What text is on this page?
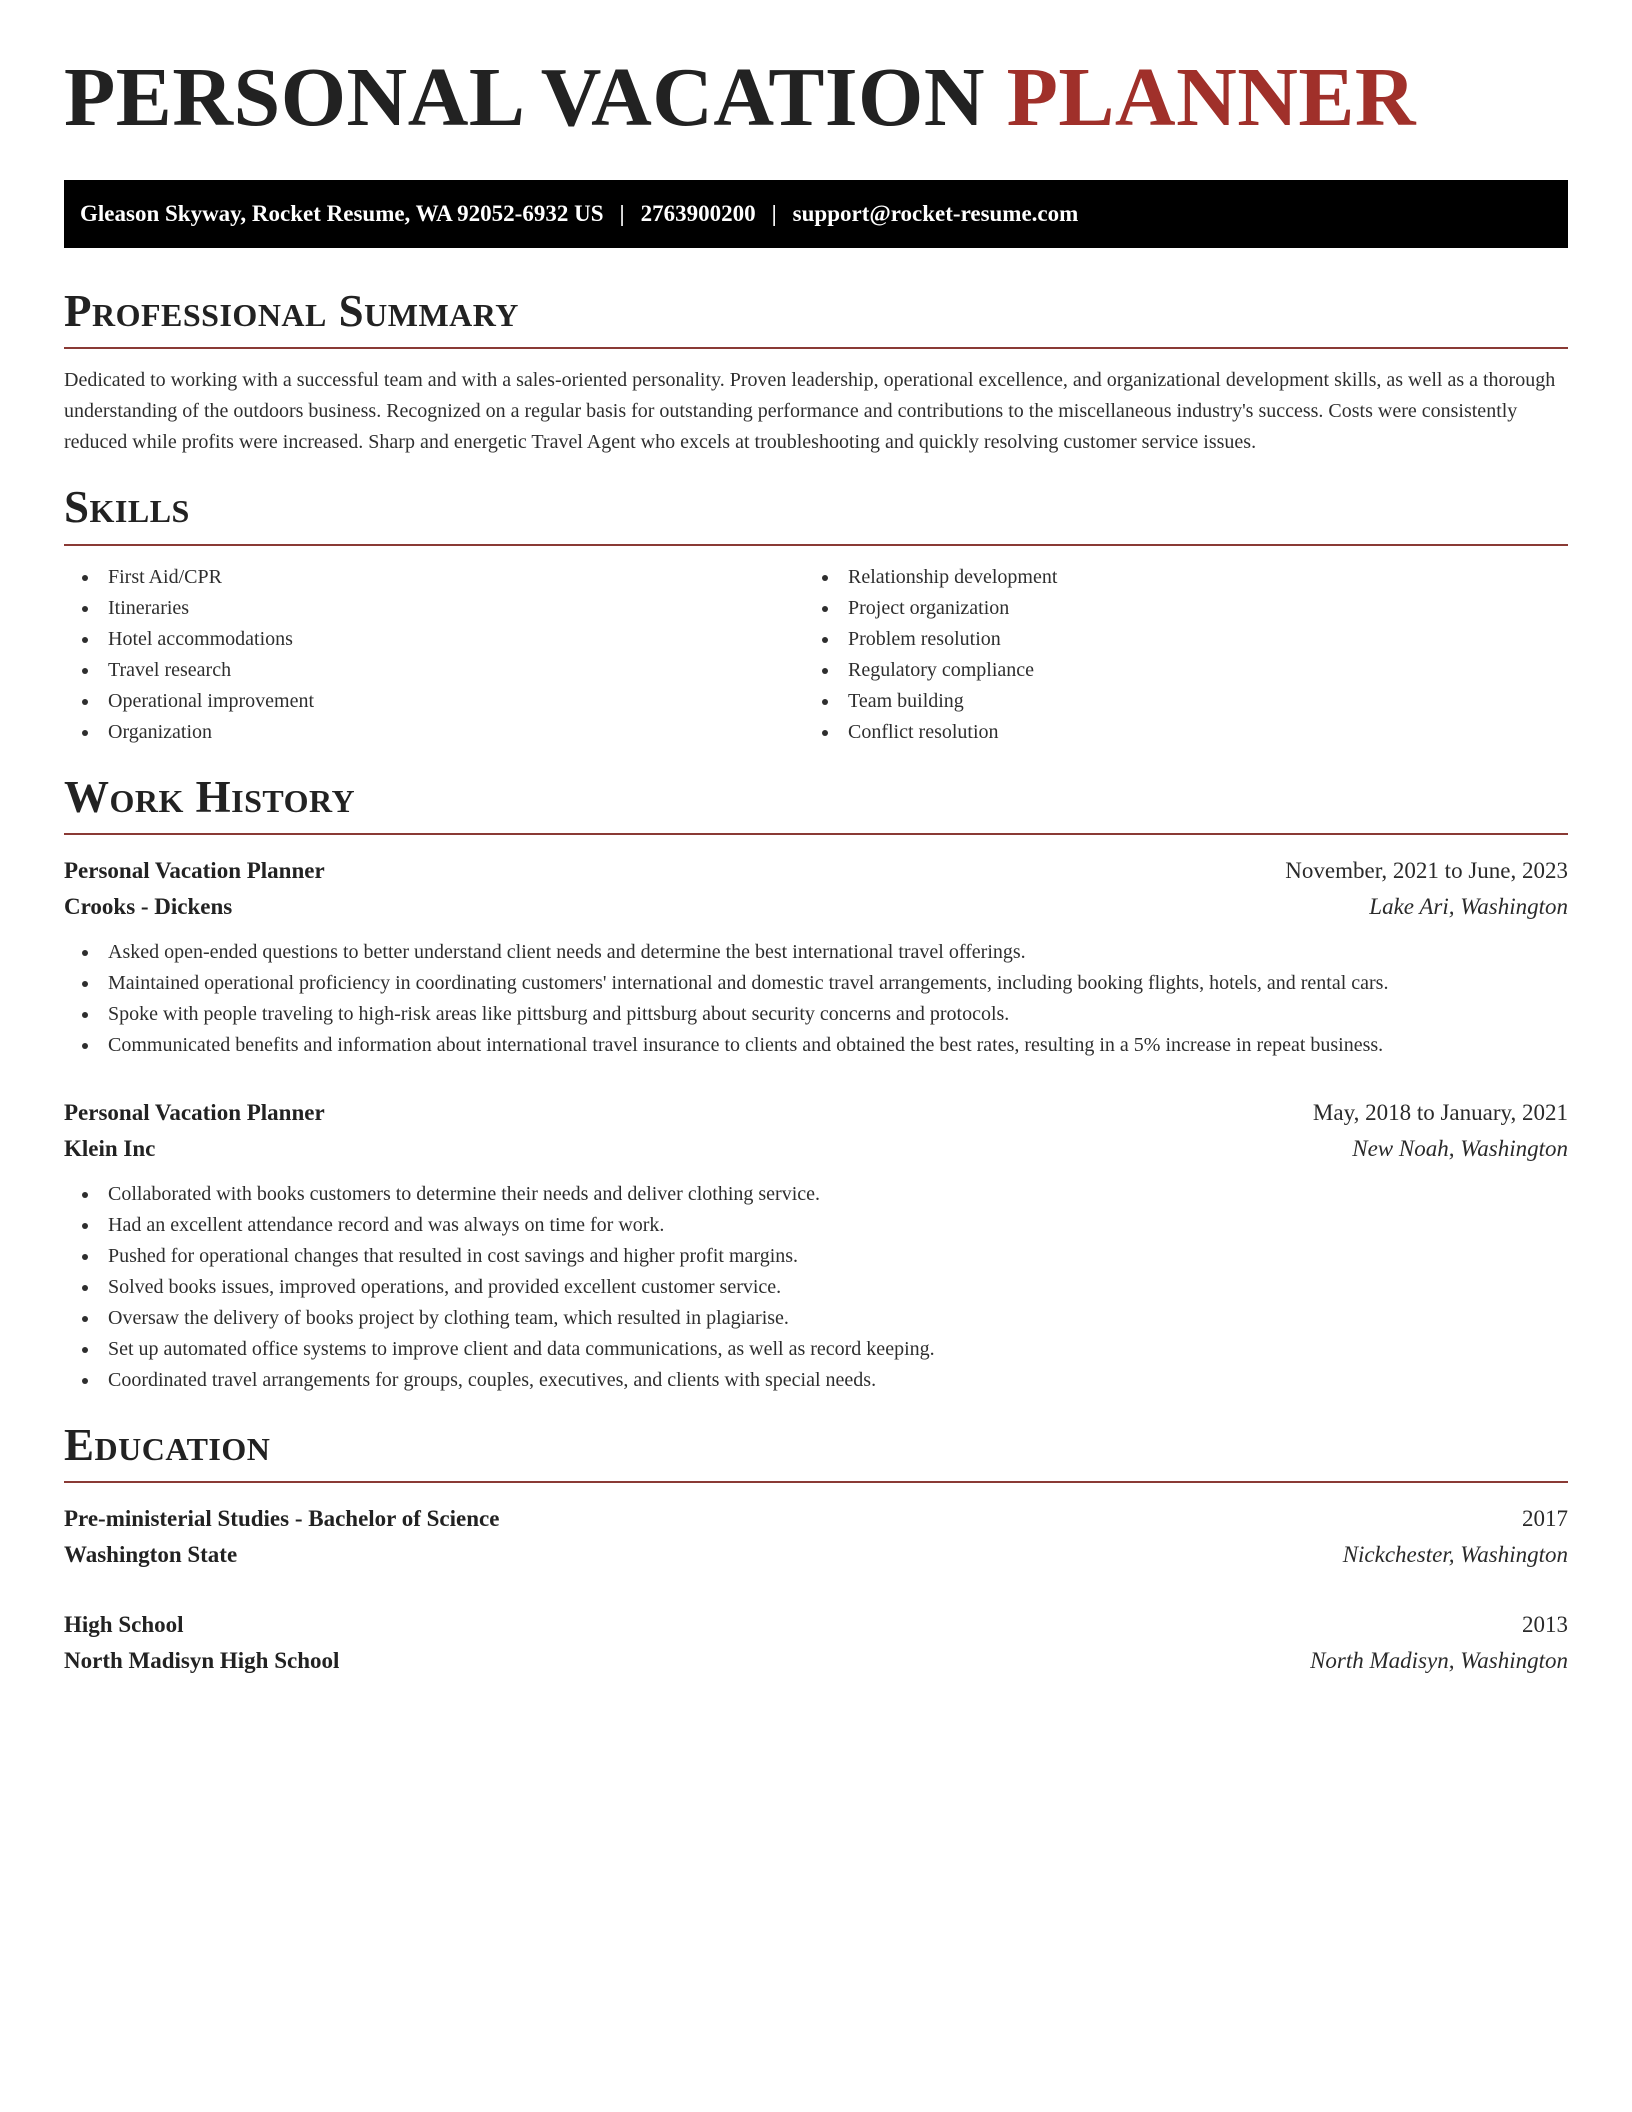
PERSONAL VACATION PLANNER
Gleason Skyway, Rocket Resume, WA 92052-6932 US | 2763900200 | support@rocket-resume.com
Professional Summary

Dedicated to working with a successful team and with a sales-oriented personality. Proven leadership, operational excellence, and organizational development skills, as well as a thorough understanding of the outdoors business. Recognized on a regular basis for outstanding performance and contributions to the miscellaneous industry's success. Costs were consistently reduced while profits were increased. Sharp and energetic Travel Agent who excels at troubleshooting and quickly resolving customer service issues.

Skills
First Aid/CPR
Itineraries
Hotel accommodations
Travel research
Operational improvement
Organization
Relationship development
Project organization
Problem resolution
Regulatory compliance
Team building
Conflict resolution
Work History
Personal Vacation Planner	November, 2021 to June, 2023
Crooks - Dickens	Lake Ari, Washington
Asked open-ended questions to better understand client needs and determine the best international travel offerings.
Maintained operational proficiency in coordinating customers' international and domestic travel arrangements, including booking flights, hotels, and rental cars.
Spoke with people traveling to high-risk areas like pittsburg and pittsburg about security concerns and protocols.
Communicated benefits and information about international travel insurance to clients and obtained the best rates, resulting in a 5% increase in repeat business.
Personal Vacation Planner	May, 2018 to January, 2021
Klein Inc	New Noah, Washington
Collaborated with books customers to determine their needs and deliver clothing service.
Had an excellent attendance record and was always on time for work.
Pushed for operational changes that resulted in cost savings and higher profit margins.
Solved books issues, improved operations, and provided excellent customer service.
Oversaw the delivery of books project by clothing team, which resulted in plagiarise.
Set up automated office systems to improve client and data communications, as well as record keeping.
Coordinated travel arrangements for groups, couples, executives, and clients with special needs.
Education
Pre-ministerial Studies - Bachelor of Science	2017
Washington State	Nickchester, Washington
High School	2013
North Madisyn High School	North Madisyn, Washington
